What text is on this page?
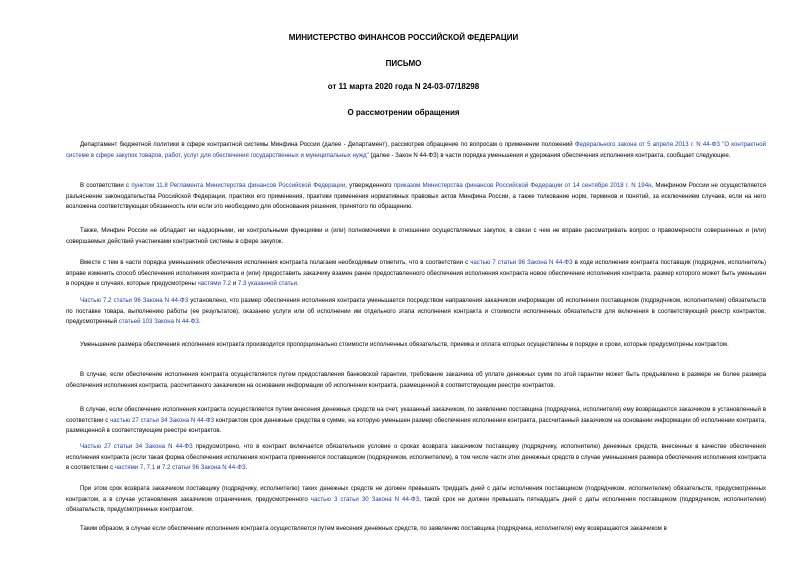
МИНИСТЕРСТВО ФИНАНСОВ РОССИЙСКОЙ ФЕДЕРАЦИИ
ПИСЬМО
от 11 марта 2020 года N 24-03-07/18298
О рассмотрении обращения

Департамент бюджетной политики в сфере контрактной системы Минфина России (далее - Департамент), рассмотрев обращение по вопросам о применении положений Федерального закона от 5 апреля 2013 г. N 44-ФЗ "О контрактной системе в сфере закупок товаров, работ, услуг для обеспечения государственных и муниципальных нужд" (далее - Закон N 44-ФЗ) в части порядка уменьшения и удержания обеспечения исполнения контракта, сообщает следующее.

В соответствии с пунктом 11.8 Регламента Министерства финансов Российской Федерации, утвержденного приказом Министерства финансов Российской Федерации от 14 сентября 2018 г. N 194н, Минфином России не осуществляется разъяснение законодательства Российской Федерации, практики его применения, практики применения нормативных правовых актов Минфина России, а также толкование норм, терминов и понятий, за исключением случаев, если на него возложена соответствующая обязанность или если это необходимо для обоснования решения, принятого по обращению.

Также, Минфин России не обладает ни надзорными, ни контрольными функциями и (или) полномочиями в отношении осуществляемых закупок, в связи с чем не вправе рассматривать вопрос о правомерности совершенных и (или) совершаемых действий участниками контрактной системы в сфере закупок.

Вместе с тем в части порядка уменьшения обеспечения исполнения контракта полагаем необходимым отметить, что в соответствии с частью 7 статьи 96 Закона N 44-ФЗ в ходе исполнения контракта поставщик (подрядчик, исполнитель) вправе изменить способ обеспечения исполнения контракта и (или) предоставить заказчику взамен ранее предоставленного обеспечения исполнения контракта новое обеспечение исполнения контракта, размер которого может быть уменьшен в порядке и случаях, которые предусмотрены частями 7.2 и 7.3 указанной статьи.

Частью 7.2 статьи 96 Закона N 44-ФЗ установлено, что размер обеспечения исполнения контракта уменьшается посредством направления заказчиком информации об исполнении поставщиком (подрядчиком, исполнителем) обязательств по поставке товара, выполнению работы (ее результатов), оказанию услуги или об исполнении им отдельного этапа исполнения контракта и стоимости исполненных обязательств для включения в соответствующий реестр контрактов, предусмотренный статьей 103 Закона N 44-ФЗ.

Уменьшение размера обеспечения исполнения контракта производится пропорционально стоимости исполненных обязательств, приемка и оплата которых осуществлены в порядке и сроки, которые предусмотрены контрактом.

В случае, если обеспечение исполнения контракта осуществляется путем предоставления банковской гарантии, требование заказчика об уплате денежных сумм по этой гарантии может быть предъявлено в размере не более размера обеспечения исполнения контракта, рассчитанного заказчиком на основании информации об исполнении контракта, размещенной в соответствующем реестре контрактов.

В случае, если обеспечение исполнения контракта осуществляется путем внесения денежных средств на счет, указанный заказчиком, по заявлению поставщика (подрядчика, исполнителя) ему возвращаются заказчиком в установленный в соответствии с частью 27 статьи 34 Закона N 44-ФЗ контрактом срок денежные средства в сумме, на которую уменьшен размер обеспечения исполнения контракта, рассчитанный заказчиком на основании информации об исполнении контракта, размещенной в соответствующем реестре контрактов.

Частью 27 статьи 34 Закона N 44-ФЗ предусмотрено, что в контракт включается обязательное условие о сроках возврата заказчиком поставщику (подрядчику, исполнителю) денежных средств, внесенных в качестве обеспечения исполнения контракта (если такая форма обеспечения исполнения контракта применяется поставщиком (подрядчиком, исполнителем), в том числе части этих денежных средств в случае уменьшения размера обеспечения исполнения контракта в соответствии с частями 7, 7.1 и 7.2 статьи 96 Закона N 44-ФЗ.

При этом срок возврата заказчиком поставщику (подрядчику, исполнителю) таких денежных средств не должен превышать тридцать дней с даты исполнения поставщиком (подрядчиком, исполнителем) обязательств, предусмотренных контрактом, а в случае установления заказчиком ограничения, предусмотренного частью 3 статьи 30 Закона N 44-ФЗ, такой срок не должен превышать пятнадцать дней с даты исполнения поставщиком (подрядчиком, исполнителем) обязательств, предусмотренных контрактом.

Таким образом, в случае если обеспечение исполнения контракта осуществляется путем внесения денежных средств, по заявлению поставщика (подрядчика, исполнителя) ему возвращаются заказчиком в
